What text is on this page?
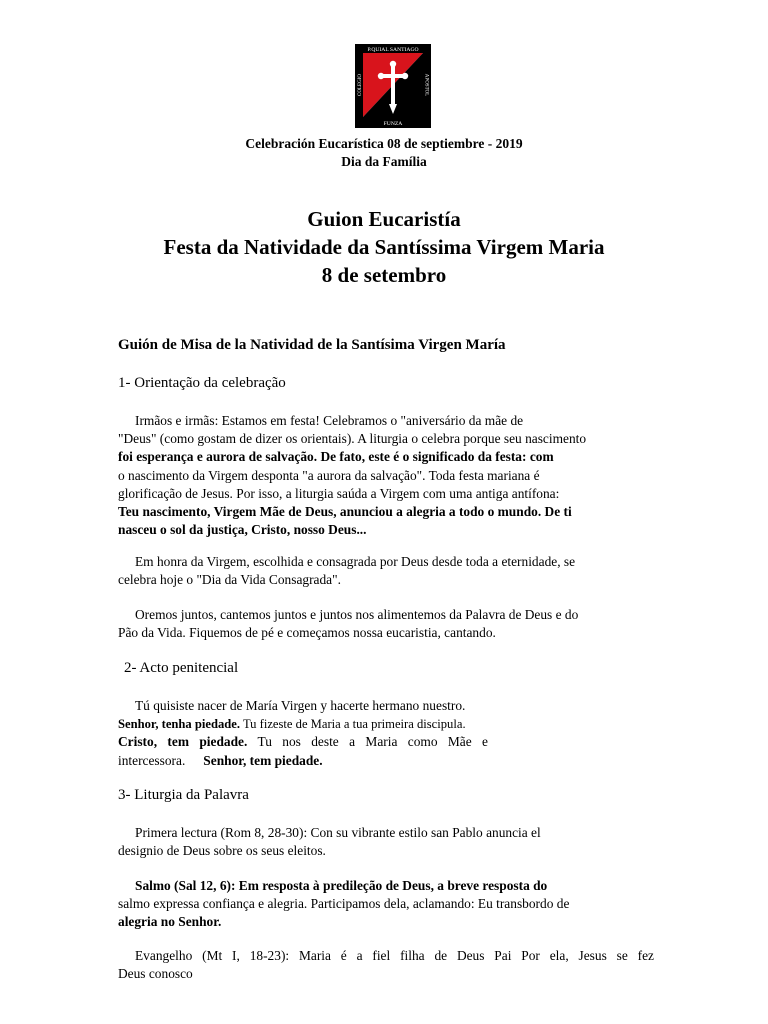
P.QUIAL SANTIAGO
FUNZA
COLEGIO	APOSTOL
Celebración Eucarística 08 de septiembre - 2019
Dia da Família
Guion Eucaristía
Festa da Natividade da Santíssima Virgem Maria
8 de setembro
Guión de Misa de la Natividad de la Santísima Virgen María
1- Orientação da celebração

Irmãos e irmãs: Estamos em festa! Celebramos o "aniversário da mãe de

"Deus" (como gostam de dizer os orientais). A liturgia o celebra porque seu nascimento

foi esperança e aurora de salvação. De fato, este é o significado da festa: com

o nascimento da Virgem desponta "a aurora da salvação". Toda festa mariana é

glorificação de Jesus. Por isso, a liturgia saúda a Virgem com uma antiga antífona:

Teu nascimento, Virgem Mãe de Deus, anunciou a alegria a todo o mundo. De ti

nasceu o sol da justiça, Cristo, nosso Deus...

Em honra da Virgem, escolhida e consagrada por Deus desde toda a eternidade, se

celebra hoje o "Dia da Vida Consagrada".

Oremos juntos, cantemos juntos e juntos nos alimentemos da Palavra de Deus e do

Pão da Vida. Fiquemos de pé e começamos nossa eucaristia, cantando.

2- Acto penitencial

Tú quisiste nacer de María Virgen y hacerte hermano nuestro.

Senhor, tenha piedade. Tu fizeste de Maria a tua primeira discipula.

Cristo, tem piedade. Tu nos deste a Maria como Mãe e

intercessora. Senhor, tem piedade.

3- Liturgia da Palavra

Primera lectura (Rom 8, 28-30): Con su vibrante estilo san Pablo anuncia el

designio de Deus sobre os seus eleitos.

Salmo (Sal 12, 6): Em resposta à predileção de Deus, a breve resposta do

salmo expressa confiança e alegria. Participamos dela, aclamando: Eu transbordo de

alegria no Senhor.

Evangelho (Mt I, 18-23): Maria é a fiel filha de Deus Pai Por ela, Jesus se fez

Deus conosco
